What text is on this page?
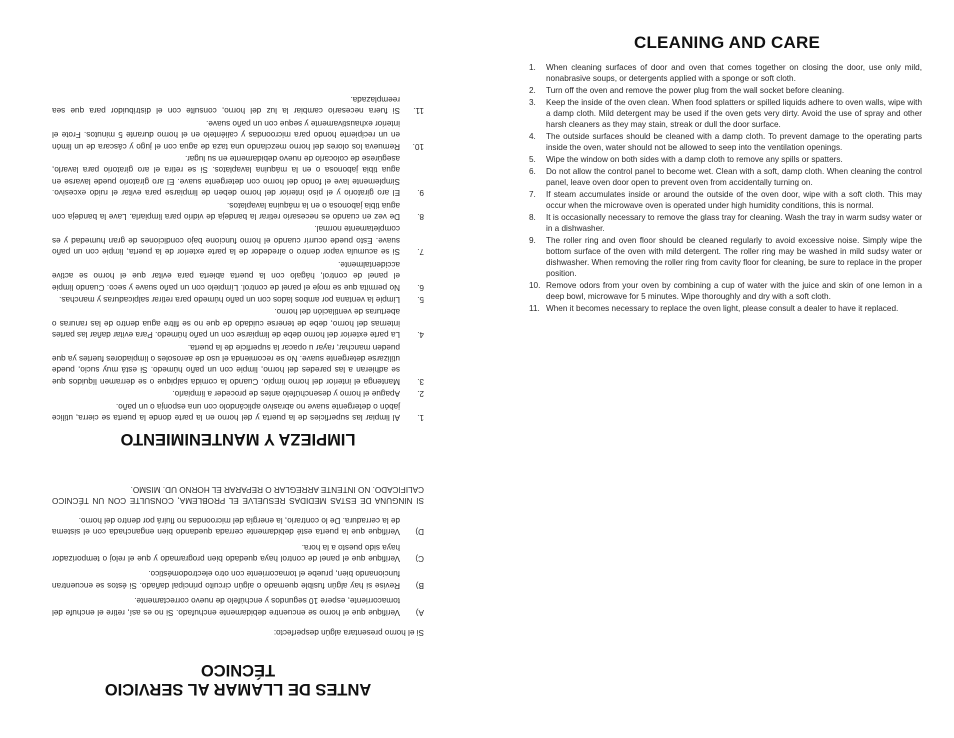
ANTES DE LLAMAR AL SERVICIO
TÉCNICO
Si el horno presentara algún desperfecto:
A)
Verifique que el horno se encuentre debidamente enchufado. Si no es así, retire el enchufe del tomacorriente, espere 10 segundos y enchúfelo de nuevo correctamente.
B)
Revise si hay algún fusible quemado o algún circuito principal dañado. Si éstos se encuentran funcionando bien, pruebe el tomacorriente con otro electrodoméstico.
C)
Verifique que el panel de control haya quedado bien programado y que el reloj o temporizador haya sido puesto a la hora.
D)
Verifique que la puerta esté debidamente cerrada quedando bien enganchada con el sistema de la cerradura. De lo contrario, la energía del microondas no fluirá por dentro del horno.
SI NINGUNA DE ESTAS MEDIDAS RESUELVE EL PROBLEMA, CONSULTE CON UN TÉCNICO CALIFICADO. NO INTENTE ARREGLAR O REPARAR EL HORNO UD. MISMO.
LIMPIEZA Y MANTENIMIENTO
1.
Al limpiar las superficies de la puerta y del horno en la parte donde la puerta se cierra, utilice jabón o detergente suave no abrasivo aplicándolo con una esponja o un paño.
2.
Apague el horno y desenchúfelo antes de proceder a limpiarlo.
3.
Mantenga el interior del horno limpio. Cuando la comida salpique o se derramen líquidos que se adhieran a las paredes del horno, limpie con un paño húmedo. Si está muy sucio, puede utilizarse detergente suave. No se recomienda el uso de aerosoles o limpiadores fuertes ya que pueden manchar, rayar u opacar la superficie de la puerta.
4.
La parte exterior del horno debe de limpiarse con un paño húmedo. Para evitar dañar las partes internas del horno, debe de tenerse cuidado de que no se filtre agua dentro de las ranuras o aberturas de ventilación del horno.
5.
Limpie la ventana por ambos lados con un paño húmedo para retirar salpicaduras y manchas.
6.
No permita que se moje el panel de control. Límpielo con un paño suave y seco. Cuando limpie el panel de control, hágalo con la puerta abierta para evitar que el horno se active accidentalmente.
7.
Si se acumula vapor dentro o alrededor de la parte exterior de la puerta, limpie con un paño suave. Esto puede ocurrir cuando el horno funcione bajo condiciones de gran humedad y es completamente normal.
8.
De vez en cuando es necesario retirar la bandeja de vidrio para limpiarla. Lave la bandeja con agua tibia jabonosa o en la máquina lavaplatos.
9.
El aro giratorio y el piso interior del horno deben de limpiarse para evitar el ruido excesivo. Simplemente lave el fondo del horno con detergente suave. El aro giratorio puede lavarse en agua tibia jabonosa o en la máquina lavaplatos. Si se retira el aro giratorio para lavarlo, asegúrese de colocarlo de nuevo debidamente en su lugar.
10.
Remueva los olores del horno mezclando una taza de agua con el jugo y cáscara de un limón en un recipiente hondo para microondas y caliéntelo en el horno durante 5 minutos. Frote el interior exhaustivamente y seque con un paño suave.
11.
Si fuera necesario cambiar la luz del horno, consulte con el distribuidor para que sea reemplazada.
CLEANING AND CARE
1. When cleaning surfaces of door and oven that comes together on closing the door, use only mild, nonabrasive soups, or detergents applied with a sponge or soft cloth.
2. Turn off the oven and remove the power plug from the wall socket before cleaning.
3. Keep the inside of the oven clean. When food splatters or spilled liquids adhere to oven walls, wipe with a damp cloth. Mild detergent may be used if the oven gets very dirty. Avoid the use of spray and other harsh cleaners as they may stain, streak or dull the door surface.
4. The outside surfaces should be cleaned with a damp cloth. To prevent damage to the operating parts inside the oven, water should not be allowed to seep into the ventilation openings.
5. Wipe the window on both sides with a damp cloth to remove any spills or spatters.
6. Do not allow the control panel to become wet. Clean with a soft, damp cloth. When cleaning the control panel, leave oven door open to prevent oven from accidentally turning on.
7. If steam accumulates inside or around the outside of the oven door, wipe with a soft cloth. This may occur when the microwave oven is operated under high humidity conditions, this is normal.
8. It is occasionally necessary to remove the glass tray for cleaning. Wash the tray in warm sudsy water or in a dishwasher.
9. The roller ring and oven floor should be cleaned regularly to avoid excessive noise. Simply wipe the bottom surface of the oven with mild detergent. The roller ring may be washed in mild sudsy water or dishwasher. When removing the roller ring from cavity floor for cleaning, be sure to replace in the proper position.
10. Remove odors from your oven by combining a cup of water with the juice and skin of one lemon in a deep bowl, microwave for 5 minutes. Wipe thoroughly and dry with a soft cloth.
11. When it becomes necessary to replace the oven light, please consult a dealer to have it replaced.
